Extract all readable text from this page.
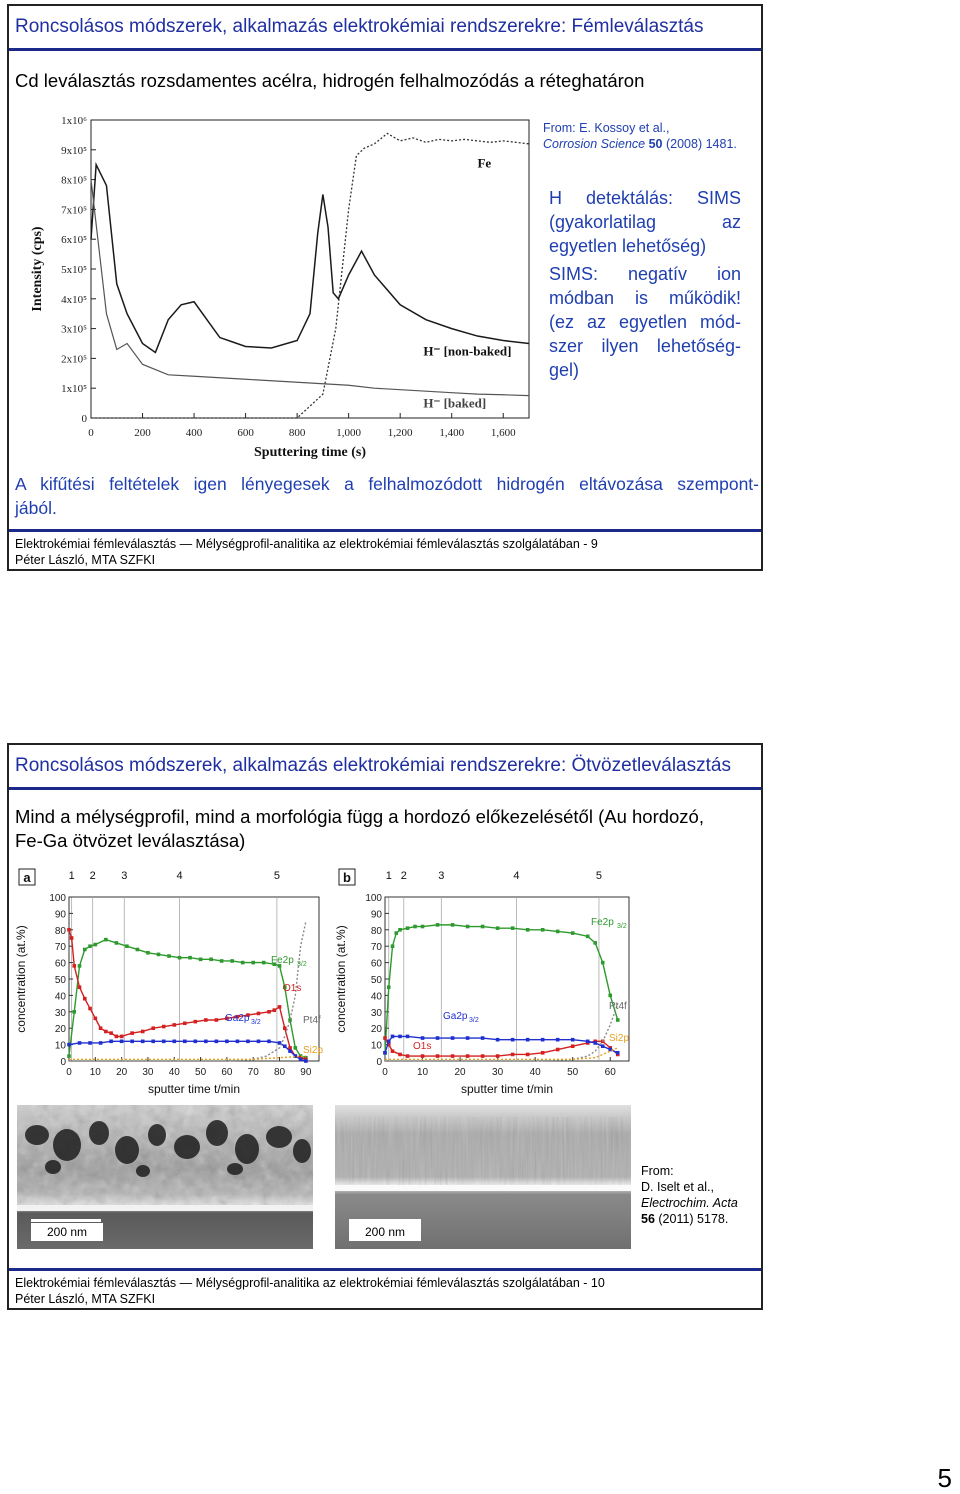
Roncsolásos módszerek, alkalmazás elektrokémiai rendszerekre: Fémleválasztás
Cd leválasztás rozsdamentes acélra, hidrogén felhalmozódás a réteghatáron
0
1x10⁵
2x10⁵
3x10⁵
4x10⁵
5x10⁵
6x10⁵
7x10⁵
8x10⁵
9x10⁵
1x10⁶
0	200	400	600	800	1,000 1,200 1,400 1,600
Sputtering time (s)
Intensity (cps)
Fe
H⁻ [non-baked]
H⁻ [baked]
From: E. Kossoy et al.,
Corrosion Science 50 (2008) 1481.
H detektálás: SIMS
(gyakorlatilag az
egyetlen lehetőség)
SIMS: negatív ion
módban is működik!
(ez az egyetlen mód-
szer ilyen lehetőség-
gel)
A kifűtési feltételek igen lényegesek a felhalmozódott hidrogén eltávozása szempont-
jából.
Elektrokémiai fémleválasztás — Mélységprofil-analitika az elektrokémiai fémleválasztás szolgálatában - 9
Péter László, MTA SZFKI
Roncsolásos módszerek, alkalmazás elektrokémiai rendszerekre: Ötvözetleválasztás
Mind a mélységprofil, mind a morfológia függ a hordozó előkezelésétől (Au hordozó,
Fe-Ga ötvözet leválasztása)
a	1 2 3	4	5
0
10
20
30
40
50
60
70
80
90
100
0 10 20 30 40 50 60 70 80 90
sputter time t/min
concentration (at.%)	Fe2p 3/2
O1s
Ga2p 3/2	Pt4f
Si2p
b	1 2	3	4	5
0
10
20
30
40
50
60
70
80
90
100
0	10	20	30	40	50	60
sputter time t/min
concentration (at.%)
Fe2p 3/2
O1s
Ga2p 3/2
Pt4f
Si2p
200 nm	200 nm
From:
D. Iselt et al.,
Electrochim. Acta
56 (2011) 5178.
Elektrokémiai fémleválasztás — Mélységprofil-analitika az elektrokémiai fémleválasztás szolgálatában - 10
Péter László, MTA SZFKI
5
